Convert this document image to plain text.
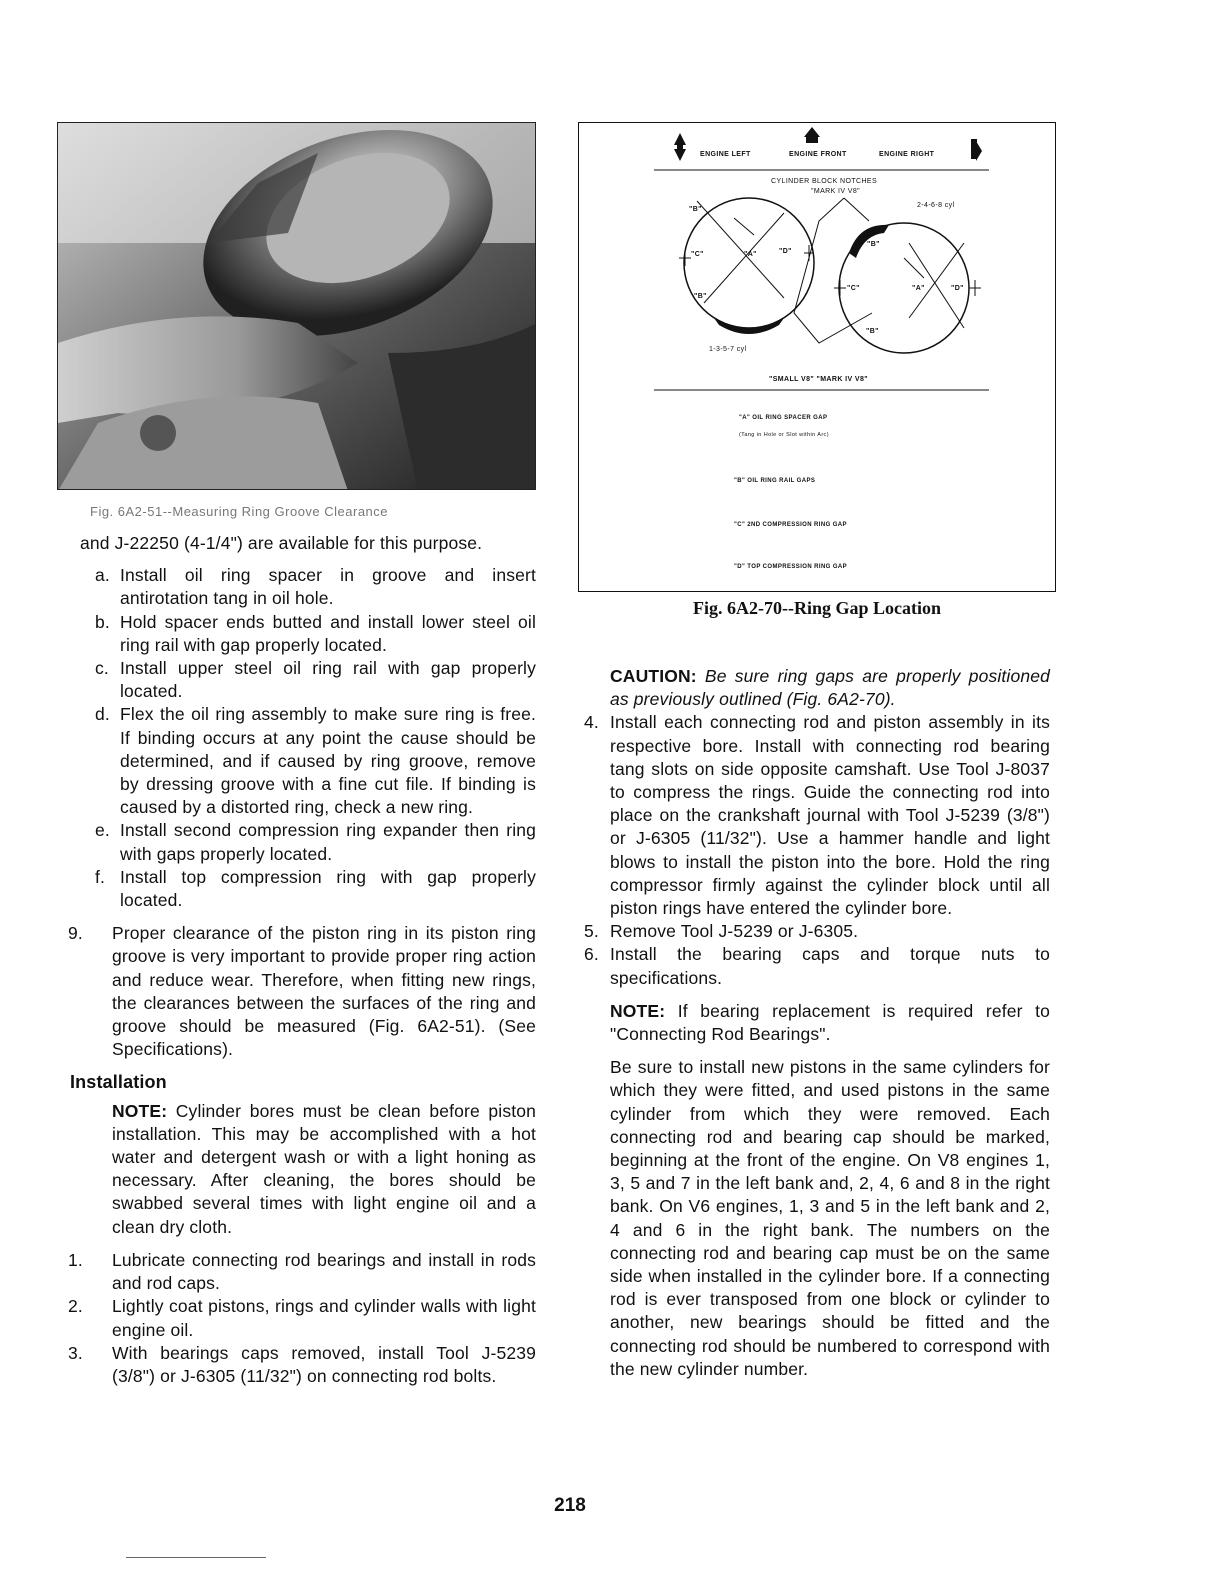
Fig. 6A2-51--Measuring Ring Groove Clearance

and J-22250 (4-1/4") are available for this purpose.

a. Install oil ring spacer in groove and insert antirotation tang in oil hole.
b. Hold spacer ends butted and install lower steel oil ring rail with gap properly located.
c. Install upper steel oil ring rail with gap properly located.
d. Flex the oil ring assembly to make sure ring is free. If binding occurs at any point the cause should be determined, and if caused by ring groove, remove by dressing groove with a fine cut file. If binding is caused by a distorted ring, check a new ring.
e. Install second compression ring expander then ring with gaps properly located.
f. Install top compression ring with gap properly located.
9. Proper clearance of the piston ring in its piston ring groove is very important to provide proper ring action and reduce wear. Therefore, when fitting new rings, the clearances between the surfaces of the ring and groove should be measured (Fig. 6A2-51). (See Specifications).
Installation

NOTE: Cylinder bores must be clean before piston installation. This may be accomplished with a hot water and detergent wash or with a light honing as necessary. After cleaning, the bores should be swabbed several times with light engine oil and a clean dry cloth.

1. Lubricate connecting rod bearings and install in rods and rod caps.
2. Lightly coat pistons, rings and cylinder walls with light engine oil.
3. With bearings caps removed, install Tool J-5239 (3/8") or J-6305 (11/32") on connecting rod bolts.
ENGINE LEFT	ENGINE FRONT	ENGINE RIGHT
CYLINDER BLOCK NOTCHES
"MARK IV V8"
2-4-6-8 cyl
"B"
"C"	"A"	"D"
"B"
"B"
"C"	"A"	"D"
"B"
1-3-5-7 cyl
"SMALL V8" "MARK IV V8"
"A" OIL RING SPACER GAP
(Tang in Hole or Slot within Arc)
"B" OIL RING RAIL GAPS
"C" 2ND COMPRESSION RING GAP
"D" TOP COMPRESSION RING GAP
Fig. 6A2-70--Ring Gap Location

CAUTION: Be sure ring gaps are properly positioned as previously outlined (Fig. 6A2-70).

4. Install each connecting rod and piston assembly in its respective bore. Install with connecting rod bearing tang slots on side opposite camshaft. Use Tool J-8037 to compress the rings. Guide the connecting rod into place on the crankshaft journal with Tool J-5239 (3/8") or J-6305 (11/32"). Use a hammer handle and light blows to install the piston into the bore. Hold the ring compressor firmly against the cylinder block until all piston rings have entered the cylinder bore.
5. Remove Tool J-5239 or J-6305.
6. Install the bearing caps and torque nuts to specifications.

NOTE: If bearing replacement is required refer to "Connecting Rod Bearings".

Be sure to install new pistons in the same cylinders for which they were fitted, and used pistons in the same cylinder from which they were removed. Each connecting rod and bearing cap should be marked, beginning at the front of the engine. On V8 engines 1, 3, 5 and 7 in the left bank and, 2, 4, 6 and 8 in the right bank. On V6 engines, 1, 3 and 5 in the left bank and 2, 4 and 6 in the right bank. The numbers on the connecting rod and bearing cap must be on the same side when installed in the cylinder bore. If a connecting rod is ever transposed from one block or cylinder to another, new bearings should be fitted and the connecting rod should be numbered to correspond with the new cylinder number.

218
